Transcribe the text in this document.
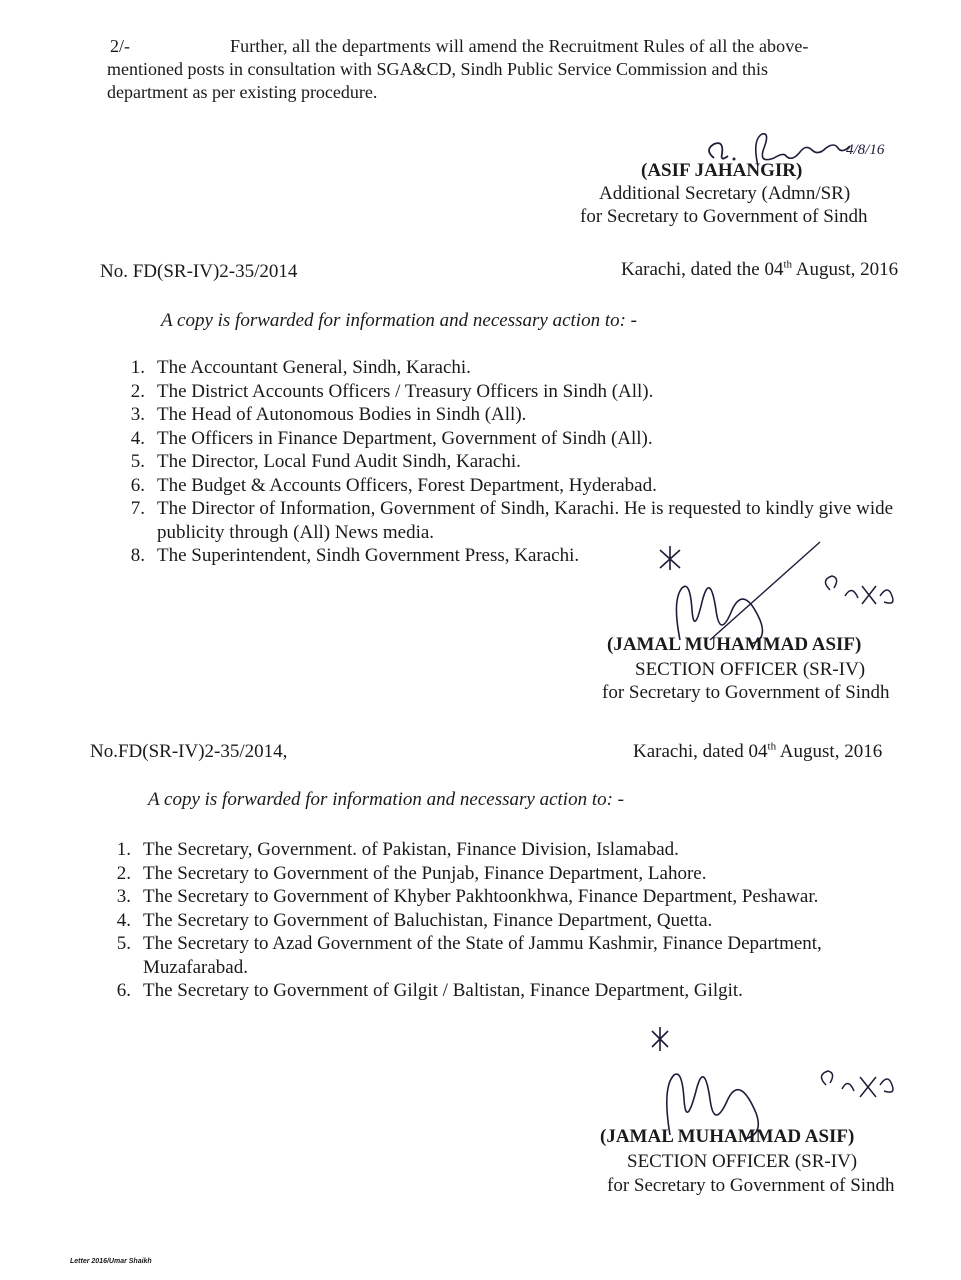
2/-	Further, all the departments will amend the Recruitment Rules of all the above-
mentioned posts in consultation with SGA&CD, Sindh Public Service Commission and this
department as per existing procedure.
4/8/16
(ASIF JAHANGIR)
Additional Secretary (Admn/SR)
for Secretary to Government of Sindh
No. FD(SR-IV)2-35/2014	Karachi, dated the 04th August, 2016
A copy is forwarded for information and necessary action to: -
1. The Accountant General, Sindh, Karachi.
2. The District Accounts Officers / Treasury Officers in Sindh (All).
3. The Head of Autonomous Bodies in Sindh (All).
4. The Officers in Finance Department, Government of Sindh (All).
5. The Director, Local Fund Audit Sindh, Karachi.
6. The Budget & Accounts Officers, Forest Department, Hyderabad.
7. The Director of Information, Government of Sindh, Karachi. He is requested to kindly give wide publicity through (All) News media.
8. The Superintendent, Sindh Government Press, Karachi.
(JAMAL MUHAMMAD ASIF)
SECTION OFFICER (SR-IV)
for Secretary to Government of Sindh
No.FD(SR-IV)2-35/2014,	Karachi, dated 04th August, 2016
A copy is forwarded for information and necessary action to: -
1. The Secretary, Government. of Pakistan, Finance Division, Islamabad.
2. The Secretary to Government of the Punjab, Finance Department, Lahore.
3. The Secretary to Government of Khyber Pakhtoonkhwa, Finance Department, Peshawar.
4. The Secretary to Government of Baluchistan, Finance Department, Quetta.
5. The Secretary to Azad Government of the State of Jammu Kashmir, Finance Department, Muzafarabad.
6. The Secretary to Government of Gilgit / Baltistan, Finance Department, Gilgit.
(JAMAL MUHAMMAD ASIF)
SECTION OFFICER (SR-IV)
for Secretary to Government of Sindh
Letter 2016/Umar Shaikh
